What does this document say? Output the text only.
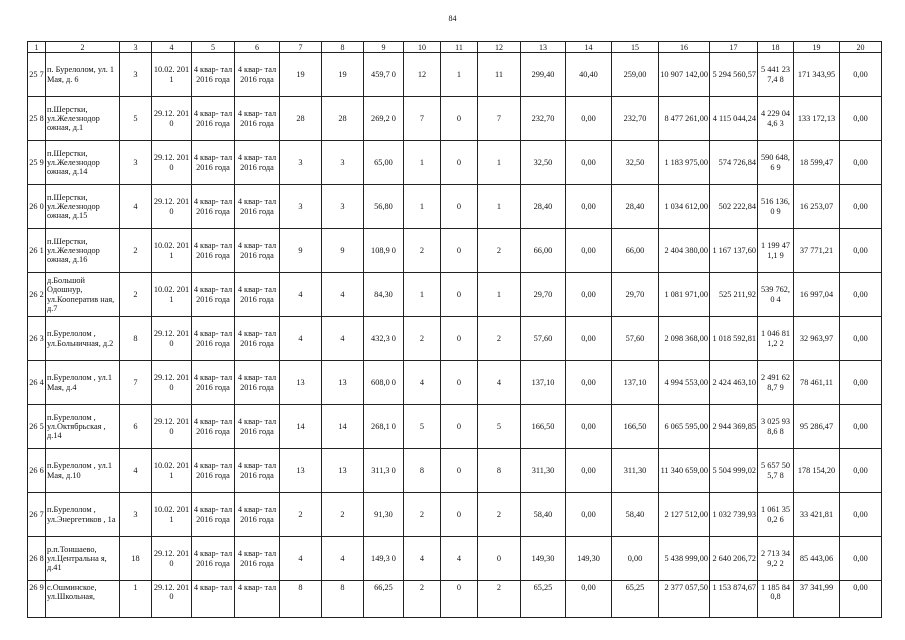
84
1	2	3	4	5	6	7	8	9	10	11	12	13	14	15	16	17	18	19	20
25 7	п. Бурелолом, ул. 1 Мая, д. 6	3	10.02. 2011	4 квар- тал 2016 года	4 квар- тал 2016 года	19	19	459,7 0	12	1	11	299,40	40,40	259,00	10 907 142,00	5 294 560,57	5 441 237,4 8	171 343,95	0,00
25 8	п.Шерстки, ул.Железнодор ожная, д.1	5	29.12. 2010	4 квар- тал 2016 года	4 квар- тал 2016 года	28	28	269,2 0	7	0	7	232,70	0,00	232,70	8 477 261,00	4 115 044,24	4 229 044,6 3	133 172,13	0,00
25 9	п.Шерстки, ул.Железнодор ожная, д.14	3	29.12. 2010	4 квар- тал 2016 года	4 квар- тал 2016 года	3	3	65,00	1	0	1	32,50	0,00	32,50	1 183 975,00	574 726,84	590 648,6 9	18 599,47	0,00
26 0	п.Шерстки, ул.Железнодор ожная, д.15	4	29.12. 2010	4 квар- тал 2016 года	4 квар- тал 2016 года	3	3	56,80	1	0	1	28,40	0,00	28,40	1 034 612,00	502 222,84	516 136,0 9	16 253,07	0,00
26 1	п.Шерстки, ул.Железнодор ожная, д.16	2	10.02. 2011	4 квар- тал 2016 года	4 квар- тал 2016 года	9	9	108,9 0	2	0	2	66,00	0,00	66,00	2 404 380,00	1 167 137,60	1 199 471,1 9	37 771,21	0,00
26 2	д.Большой Одошнур, ул.Кооператив ная, д.7	2	10.02. 2011	4 квар- тал 2016 года	4 квар- тал 2016 года	4	4	84,30	1	0	1	29,70	0,00	29,70	1 081 971,00	525 211,92	539 762,0 4	16 997,04	0,00
26 3	п.Бурелолом , ул.Больничная, д.2	8	29.12. 2010	4 квар- тал 2016 года	4 квар- тал 2016 года	4	4	432,3 0	2	0	2	57,60	0,00	57,60	2 098 368,00	1 018 592,81	1 046 811,2 2	32 963,97	0,00
26 4	п.Бурелолом , ул.1 Мая, д.4	7	29.12. 2010	4 квар- тал 2016 года	4 квар- тал 2016 года	13	13	608,0 0	4	0	4	137,10	0,00	137,10	4 994 553,00	2 424 463,10	2 491 628,7 9	78 461,11	0,00
26 5	п.Бурелолом , ул.Октябрьская , д.14	6	29.12. 2010	4 квар- тал 2016 года	4 квар- тал 2016 года	14	14	268,1 0	5	0	5	166,50	0,00	166,50	6 065 595,00	2 944 369,85	3 025 938,6 8	95 286,47	0,00
26 6	п.Бурелолом , ул.1 Мая, д.10	4	10.02. 2011	4 квар- тал 2016 года	4 квар- тал 2016 года	13	13	311,3 0	8	0	8	311,30	0,00	311,30	11 340 659,00	5 504 999,02	5 657 505,7 8	178 154,20	0,00
26 7	п.Бурелолом , ул.Энергетиков , 1а	3	10.02. 2011	4 квар- тал 2016 года	4 квар- тал 2016 года	2	2	91,30	2	0	2	58,40	0,00	58,40	2 127 512,00	1 032 739,93	1 061 350,2 6	33 421,81	0,00
26 8	р.п.Тоншаево, ул.Центральна я, д.41	18	29.12. 2010	4 квар- тал 2016 года	4 квар- тал 2016 года	4	4	149,3 0	4	4	0	149,30	149,30	0,00	5 438 999,00	2 640 206,72	2 713 349,2 2	85 443,06	0,00
26 9	с.Ошминское, ул.Школьная,	1	29.12. 2010	4 квар- тал	4 квар- тал	8	8	66,25	2	0	2	65,25	0,00	65,25	2 377 057,50	1 153 874,67	1 185 840,8	37 341,99	0,00
